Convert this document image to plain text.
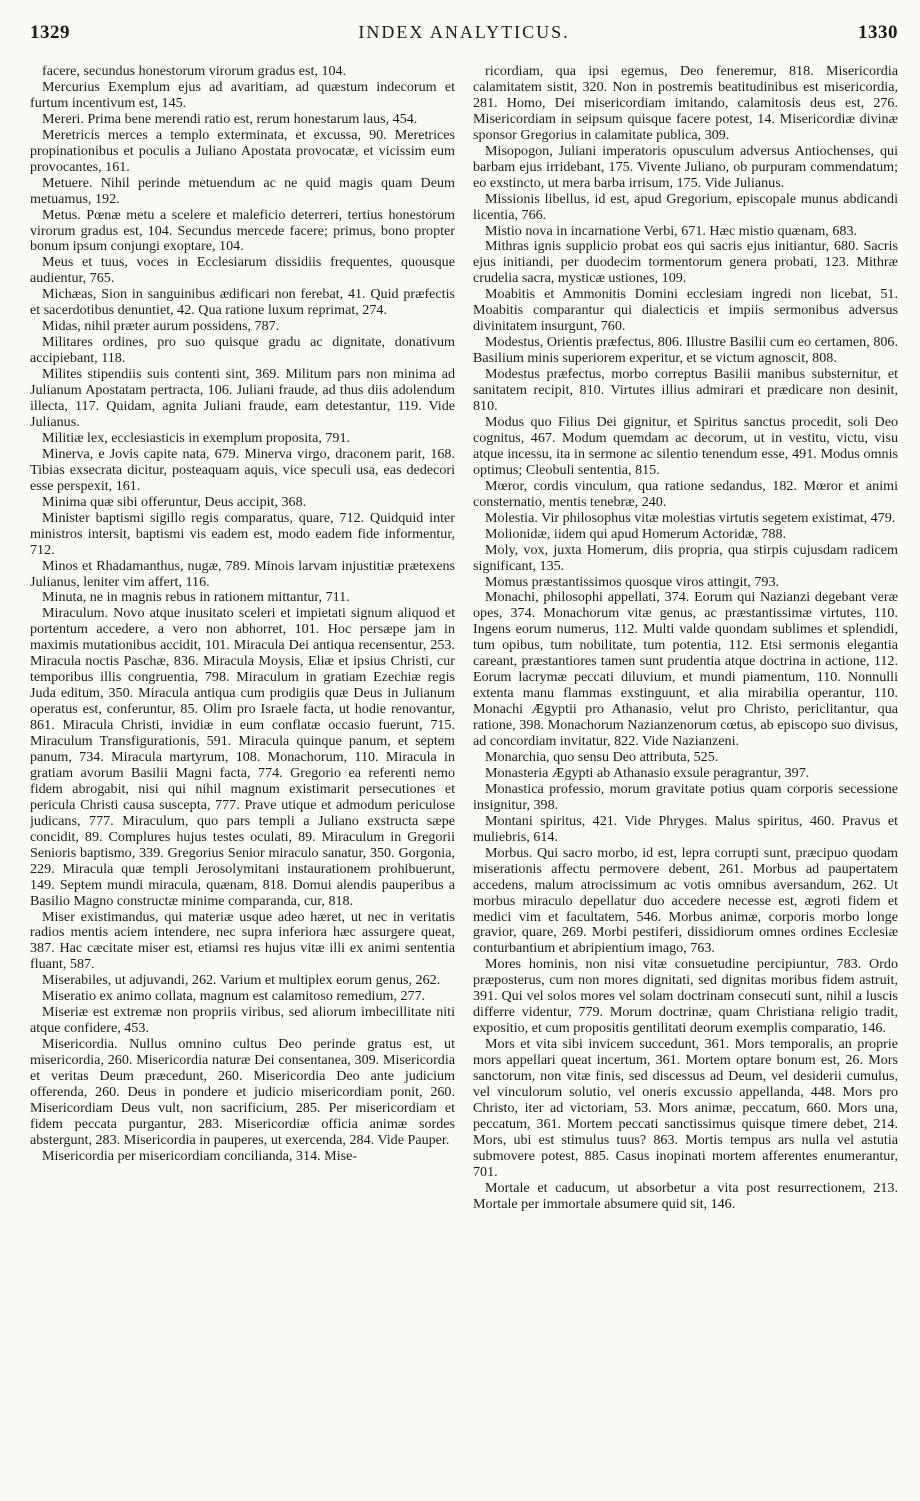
1329	INDEX ANALYTICUS.	1330

facere, secundus honestorum virorum gradus est, 104.

Mercurius Exemplum ejus ad avaritiam, ad quæstum indecorum et furtum incentivum est, 145.

Mereri. Prima bene merendi ratio est, rerum honestarum laus, 454.

Meretricis merces a templo exterminata, et excussa, 90. Meretrices propinationibus et poculis a Juliano Apostata provocatæ, et vicissim eum provocantes, 161.

Metuere. Nihil perinde metuendum ac ne quid magis quam Deum metuamus, 192.

Metus. Pœnæ metu a scelere et maleficio deterreri, tertius honestorum virorum gradus est, 104. Secundus mercede facere; primus, bono propter bonum ipsum conjungi exoptare, 104.

Meus et tuus, voces in Ecclesiarum dissidiis frequentes, quousque audientur, 765.

Michæas, Sion in sanguinibus ædificari non ferebat, 41. Quid præfectis et sacerdotibus denuntiet, 42. Qua ratione luxum reprimat, 274.

Midas, nihil præter aurum possidens, 787.

Militares ordines, pro suo quisque gradu ac dignitate, donativum accipiebant, 118.

Milites stipendiis suis contenti sint, 369. Militum pars non minima ad Julianum Apostatam pertracta, 106. Juliani fraude, ad thus diis adolendum illecta, 117. Quidam, agnita Juliani fraude, eam detestantur, 119. Vide Julianus.

Militiæ lex, ecclesiasticis in exemplum proposita, 791.

Minerva, e Jovis capite nata, 679. Minerva virgo, draconem parit, 168. Tibias exsecrata dicitur, posteaquam aquis, vice speculi usa, eas dedecori esse perspexit, 161.

Minima quæ sibi offeruntur, Deus accipit, 368.

Minister baptismi sigillo regis comparatus, quare, 712. Quidquid inter ministros intersit, baptismi vis eadem est, modo eadem fide informentur, 712.

Minos et Rhadamanthus, nugæ, 789. Minois larvam injustitiæ prætexens Julianus, leniter vim affert, 116.

Minuta, ne in magnis rebus in rationem mittantur, 711.

Miraculum. Novo atque inusitato sceleri et impietati signum aliquod et portentum accedere, a vero non abhorret, 101. Hoc persæpe jam in maximis mutationibus accidit, 101. Miracula Dei antiqua recensentur, 253. Miracula noctis Paschæ, 836. Miracula Moysis, Eliæ et ipsius Christi, cur temporibus illis congruentia, 798. Miraculum in gratiam Ezechiæ regis Juda editum, 350. Miracula antiqua cum prodigiis quæ Deus in Julianum operatus est, conferuntur, 85. Olim pro Israele facta, ut hodie renovantur, 861. Miracula Christi, invidiæ in eum conflatæ occasio fuerunt, 715. Miraculum Transfigurationis, 591. Miracula quinque panum, et septem panum, 734. Miracula martyrum, 108. Monachorum, 110. Miracula in gratiam avorum Basilii Magni facta, 774. Gregorio ea referenti nemo fidem abrogabit, nisi qui nihil magnum existimarit persecutiones et pericula Christi causa suscepta, 777. Prave utique et admodum periculose judicans, 777. Miraculum, quo pars templi a Juliano exstructa sæpe concidit, 89. Complures hujus testes oculati, 89. Miraculum in Gregorii Senioris baptismo, 339. Gregorius Senior miraculo sanatur, 350. Gorgonia, 229. Miracula quæ templi Jerosolymitani instaurationem prohibuerunt, 149. Septem mundi miracula, quænam, 818. Domui alendis pauperibus a Basilio Magno constructæ minime comparanda, cur, 818.

Miser existimandus, qui materiæ usque adeo hæret, ut nec in veritatis radios mentis aciem intendere, nec supra inferiora hæc assurgere queat, 387. Hac cæcitate miser est, etiamsi res hujus vitæ illi ex animi sententia fluant, 587.

Miserabiles, ut adjuvandi, 262. Varium et multiplex eorum genus, 262.

Miseratio ex animo collata, magnum est calamitoso remedium, 277.

Miseriæ est extremæ non propriis viribus, sed aliorum imbecillitate niti atque confidere, 453.

Misericordia. Nullus omnino cultus Deo perinde gratus est, ut misericordia, 260. Misericordia naturæ Dei consentanea, 309. Misericordia et veritas Deum præcedunt, 260. Misericordia Deo ante judicium offerenda, 260. Deus in pondere et judicio misericordiam ponit, 260. Misericordiam Deus vult, non sacrificium, 285. Per misericordiam et fidem peccata purgantur, 283. Misericordiæ officia animæ sordes abstergunt, 283. Misericordia in pauperes, ut exercenda, 284. Vide Pauper.

Misericordia per misericordiam concilianda, 314. Mise-

ricordiam, qua ipsi egemus, Deo feneremur, 818. Misericordia calamitatem sistit, 320. Non in postremis beatitudinibus est misericordia, 281. Homo, Dei misericordiam imitando, calamitosis deus est, 276. Misericordiam in seipsum quisque facere potest, 14. Misericordiæ divinæ sponsor Gregorius in calamitate publica, 309.

Misopogon, Juliani imperatoris opusculum adversus Antiochenses, qui barbam ejus irridebant, 175. Vivente Juliano, ob purpuram commendatum; eo exstincto, ut mera barba irrisum, 175. Vide Julianus.

Missionis libellus, id est, apud Gregorium, episcopale munus abdicandi licentia, 766.

Mistio nova in incarnatione Verbi, 671. Hæc mistio quænam, 683.

Mithras ignis supplicio probat eos qui sacris ejus initiantur, 680. Sacris ejus initiandi, per duodecim tormentorum genera probati, 123. Mithræ crudelia sacra, mysticæ ustiones, 109.

Moabitis et Ammonitis Domini ecclesiam ingredi non licebat, 51. Moabitis comparantur qui dialecticis et impiis sermonibus adversus divinitatem insurgunt, 760.

Modestus, Orientis præfectus, 806. Illustre Basilii cum eo certamen, 806. Basilium minis superiorem experitur, et se victum agnoscit, 808.

Modestus præfectus, morbo correptus Basilii manibus substernitur, et sanitatem recipit, 810. Virtutes illius admirari et prædicare non desinit, 810.

Modus quo Filius Dei gignitur, et Spiritus sanctus procedit, soli Deo cognitus, 467. Modum quemdam ac decorum, ut in vestitu, victu, visu atque incessu, ita in sermone ac silentio tenendum esse, 491. Modus omnis optimus; Cleobuli sententia, 815.

Mœror, cordis vinculum, qua ratione sedandus, 182. Mœror et animi consternatio, mentis tenebræ, 240.

Molestia. Vir philosophus vitæ molestias virtutis segetem existimat, 479.

Molionidæ, iidem qui apud Homerum Actoridæ, 788.

Moly, vox, juxta Homerum, diis propria, qua stirpis cujusdam radicem significant, 135.

Momus præstantissimos quosque viros attingit, 793.

Monachi, philosophi appellati, 374. Eorum qui Nazianzi degebant veræ opes, 374. Monachorum vitæ genus, ac præstantissimæ virtutes, 110. Ingens eorum numerus, 112. Multi valde quondam sublimes et splendidi, tum opibus, tum nobilitate, tum potentia, 112. Etsi sermonis elegantia careant, præstantiores tamen sunt prudentia atque doctrina in actione, 112. Eorum lacrymæ peccati diluvium, et mundi piamentum, 110. Nonnulli extenta manu flammas exstinguunt, et alia mirabilia operantur, 110. Monachi Ægyptii pro Athanasio, velut pro Christo, periclitantur, qua ratione, 398. Monachorum Nazianzenorum cœtus, ab episcopo suo divisus, ad concordiam invitatur, 822. Vide Nazianzeni.

Monarchia, quo sensu Deo attributa, 525.

Monasteria Ægypti ab Athanasio exsule peragrantur, 397.

Monastica professio, morum gravitate potius quam corporis secessione insignitur, 398.

Montani spiritus, 421. Vide Phryges. Malus spiritus, 460. Pravus et muliebris, 614.

Morbus. Qui sacro morbo, id est, lepra corrupti sunt, præcipuo quodam miserationis affectu permovere debent, 261. Morbus ad paupertatem accedens, malum atrocissimum ac votis omnibus aversandum, 262. Ut morbus miraculo depellatur duo accedere necesse est, ægroti fidem et medici vim et facultatem, 546. Morbus animæ, corporis morbo longe gravior, quare, 269. Morbi pestiferi, dissidiorum omnes ordines Ecclesiæ conturbantium et abripientium imago, 763.

Mores hominis, non nisi vitæ consuetudine percipiuntur, 783. Ordo præposterus, cum non mores dignitati, sed dignitas moribus fidem astruit, 391. Qui vel solos mores vel solam doctrinam consecuti sunt, nihil a luscis differre videntur, 779. Morum doctrinæ, quam Christiana religio tradit, expositio, et cum propositis gentilitati deorum exemplis comparatio, 146.

Mors et vita sibi invicem succedunt, 361. Mors temporalis, an proprie mors appellari queat incertum, 361. Mortem optare bonum est, 26. Mors sanctorum, non vitæ finis, sed discessus ad Deum, vel desiderii cumulus, vel vinculorum solutio, vel oneris excussio appellanda, 448. Mors pro Christo, iter ad victoriam, 53. Mors animæ, peccatum, 660. Mors una, peccatum, 361. Mortem peccati sanctissimus quisque timere debet, 214. Mors, ubi est stimulus tuus? 863. Mortis tempus ars nulla vel astutia submovere potest, 885. Casus inopinati mortem afferentes enumerantur, 701.

Mortale et caducum, ut absorbetur a vita post resurrectionem, 213. Mortale per immortale absumere quid sit, 146.
